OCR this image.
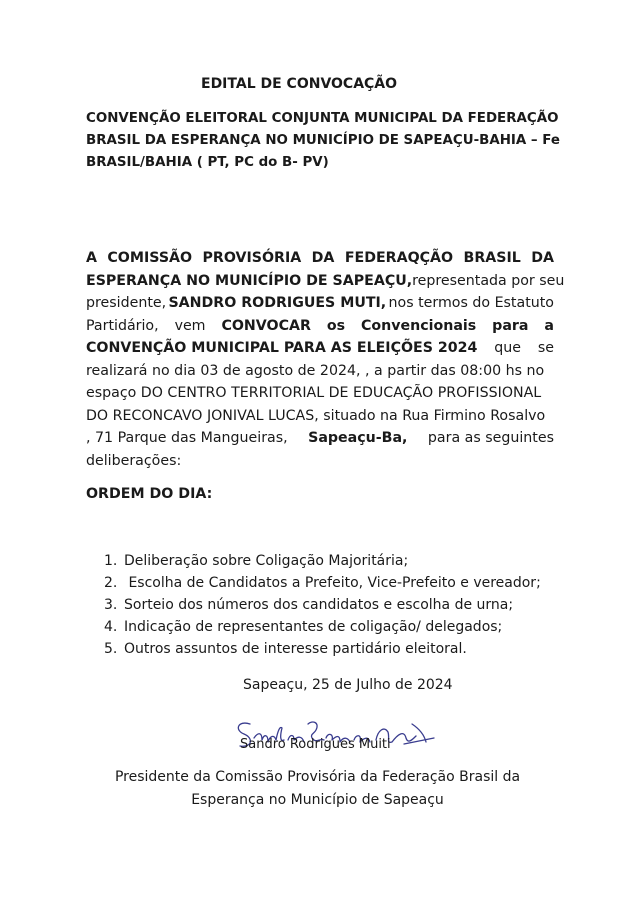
EDITAL DE CONVOCAÇÃO
CONVENÇÃO ELEITORAL CONJUNTA MUNICIPAL DA FEDERAÇÃO
BRASIL DA ESPERANÇA NO MUNICÍPIO DE SAPEAÇU-BAHIA – Fe
BRASIL/BAHIA ( PT, PC do B- PV)
A COMISSÃO PROVISÓRIA DA FEDERAQÇÃO BRASIL DA
ESPERANÇA NO MUNICÍPIO DE SAPEAÇU, representada por seu
presidente, SANDRO RODRIGUES MUTI, nos termos do Estatuto
Partidário, vem CONVOCAR os Convencionais para a
CONVENÇÃO MUNICIPAL PARA AS ELEIÇÕES 2024 que se
realizará no dia 03 de agosto de 2024, , a partir das 08:00 hs no
espaço DO CENTRO TERRITORIAL DE EDUCAÇÃO PROFISSIONAL
DO RECONCAVO JONIVAL LUCAS, situado na Rua Firmino Rosalvo
, 71 Parque das Mangueiras, Sapeaçu-Ba, para as seguintes
deliberações:
ORDEM DO DIA:
1. Deliberação sobre Coligação Majoritária;
2. Escolha de Candidatos a Prefeito, Vice-Prefeito e vereador;
3. Sorteio dos números dos candidatos e escolha de urna;
4. Indicação de representantes de coligação/ delegados;
5. Outros assuntos de interesse partidário eleitoral.
Sapeaçu, 25 de Julho de 2024
Sandro Rodrigues Muti
Sandro Rodrigues Muiti
Presidente da Comissão Provisória da Federação Brasil da
Esperança no Município de Sapeaçu
